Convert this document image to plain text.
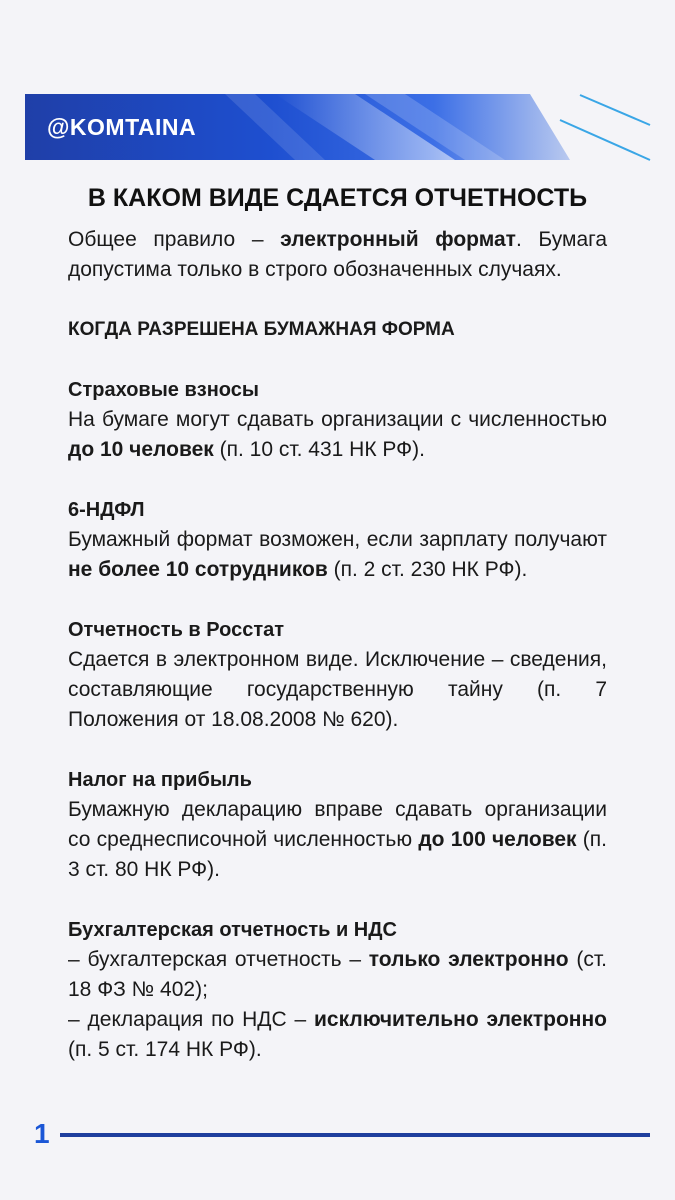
@KOMTAINA
В КАКОМ ВИДЕ СДАЕТСЯ ОТЧЕТНОСТЬ

Общее правило – электронный формат. Бумага допустима только в строго обозначенных случаях.

КОГДА РАЗРЕШЕНА БУМАЖНАЯ ФОРМА

Страховые взносы

На бумаге могут сдавать организации с численностью до 10 человек (п. 10 ст. 431 НК РФ).

6-НДФЛ

Бумажный формат возможен, если зарплату получают не более 10 сотрудников (п. 2 ст. 230 НК РФ).

Отчетность в Росстат

Сдается в электронном виде. Исключение – сведения, составляющие государственную тайну (п. 7 Положения от 18.08.2008 № 620).

Налог на прибыль

Бумажную декларацию вправе сдавать организации со среднесписочной численностью до 100 человек (п. 3 ст. 80 НК РФ).

Бухгалтерская отчетность и НДС

– бухгалтерская отчетность – только электронно (ст. 18 ФЗ № 402);

– декларация по НДС – исключительно электронно (п. 5 ст. 174 НК РФ).

1
